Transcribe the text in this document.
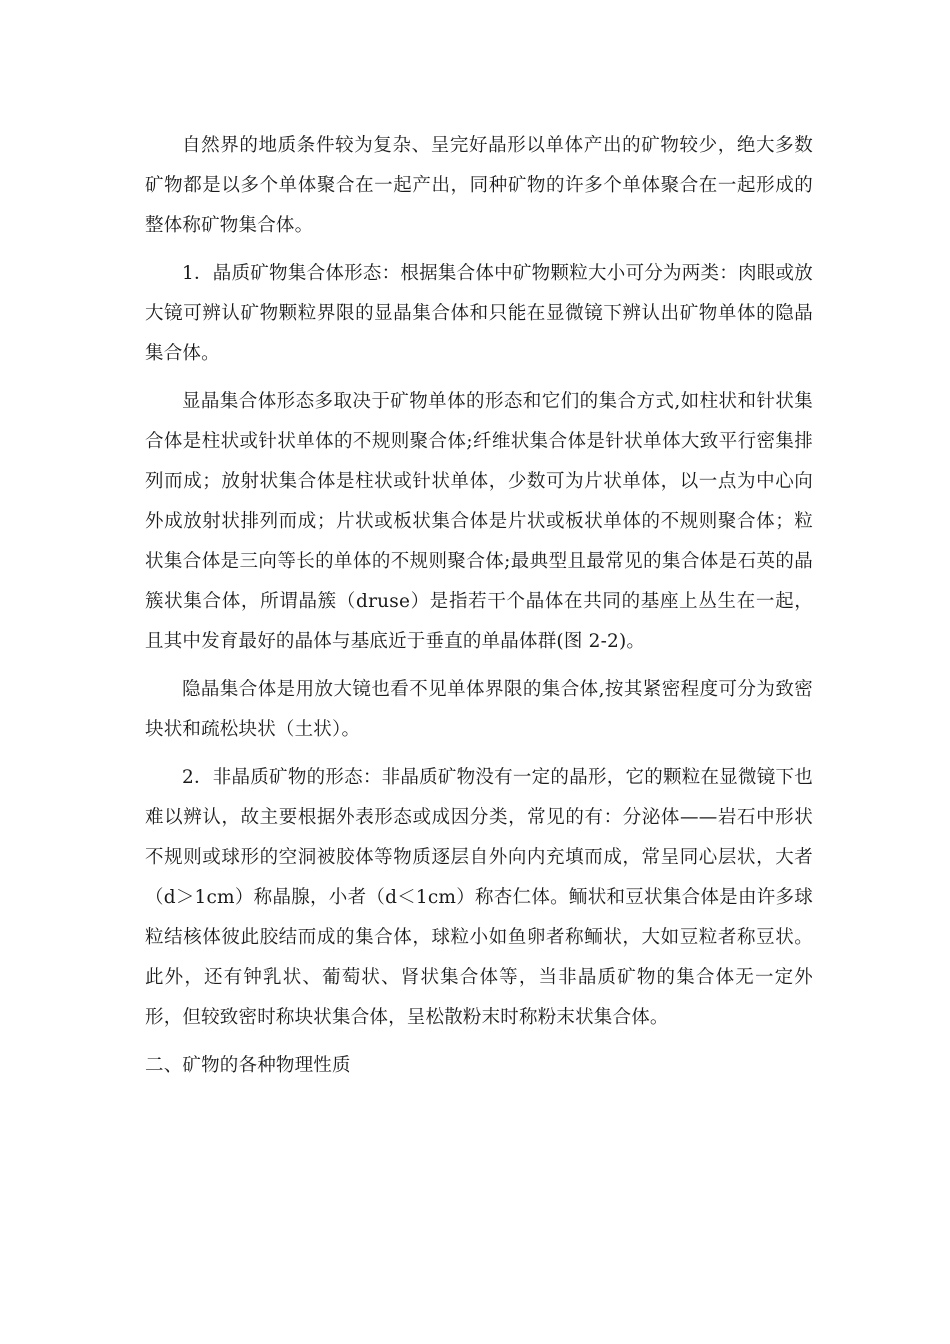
自然界的地质条件较为复杂、呈完好晶形以单体产出的矿物较少，绝大多数矿物都是以多个单体聚合在一起产出，同种矿物的许多个单体聚合在一起形成的整体称矿物集合体。

1．晶质矿物集合体形态：根据集合体中矿物颗粒大小可分为两类：肉眼或放大镜可辨认矿物颗粒界限的显晶集合体和只能在显微镜下辨认出矿物单体的隐晶集合体。

显晶集合体形态多取决于矿物单体的形态和它们的集合方式,如柱状和针状集合体是柱状或针状单体的不规则聚合体;纤维状集合体是针状单体大致平行密集排列而成；放射状集合体是柱状或针状单体，少数可为片状单体，以一点为中心向外成放射状排列而成；片状或板状集合体是片状或板状单体的不规则聚合体；粒状集合体是三向等长的单体的不规则聚合体;最典型且最常见的集合体是石英的晶簇状集合体，所谓晶簇（druse）是指若干个晶体在共同的基座上丛生在一起，且其中发育最好的晶体与基底近于垂直的单晶体群(图 2-2)。

隐晶集合体是用放大镜也看不见单体界限的集合体,按其紧密程度可分为致密块状和疏松块状（土状）。

2．非晶质矿物的形态：非晶质矿物没有一定的晶形，它的颗粒在显微镜下也难以辨认，故主要根据外表形态或成因分类，常见的有：分泌体——岩石中形状不规则或球形的空洞被胶体等物质逐层自外向内充填而成，常呈同心层状，大者（d＞1cm）称晶腺，小者（d＜1cm）称杏仁体。鲕状和豆状集合体是由许多球粒结核体彼此胶结而成的集合体，球粒小如鱼卵者称鲕状，大如豆粒者称豆状。此外，还有钟乳状、葡萄状、肾状集合体等，当非晶质矿物的集合体无一定外形，但较致密时称块状集合体，呈松散粉末时称粉末状集合体。

二、矿物的各种物理性质
